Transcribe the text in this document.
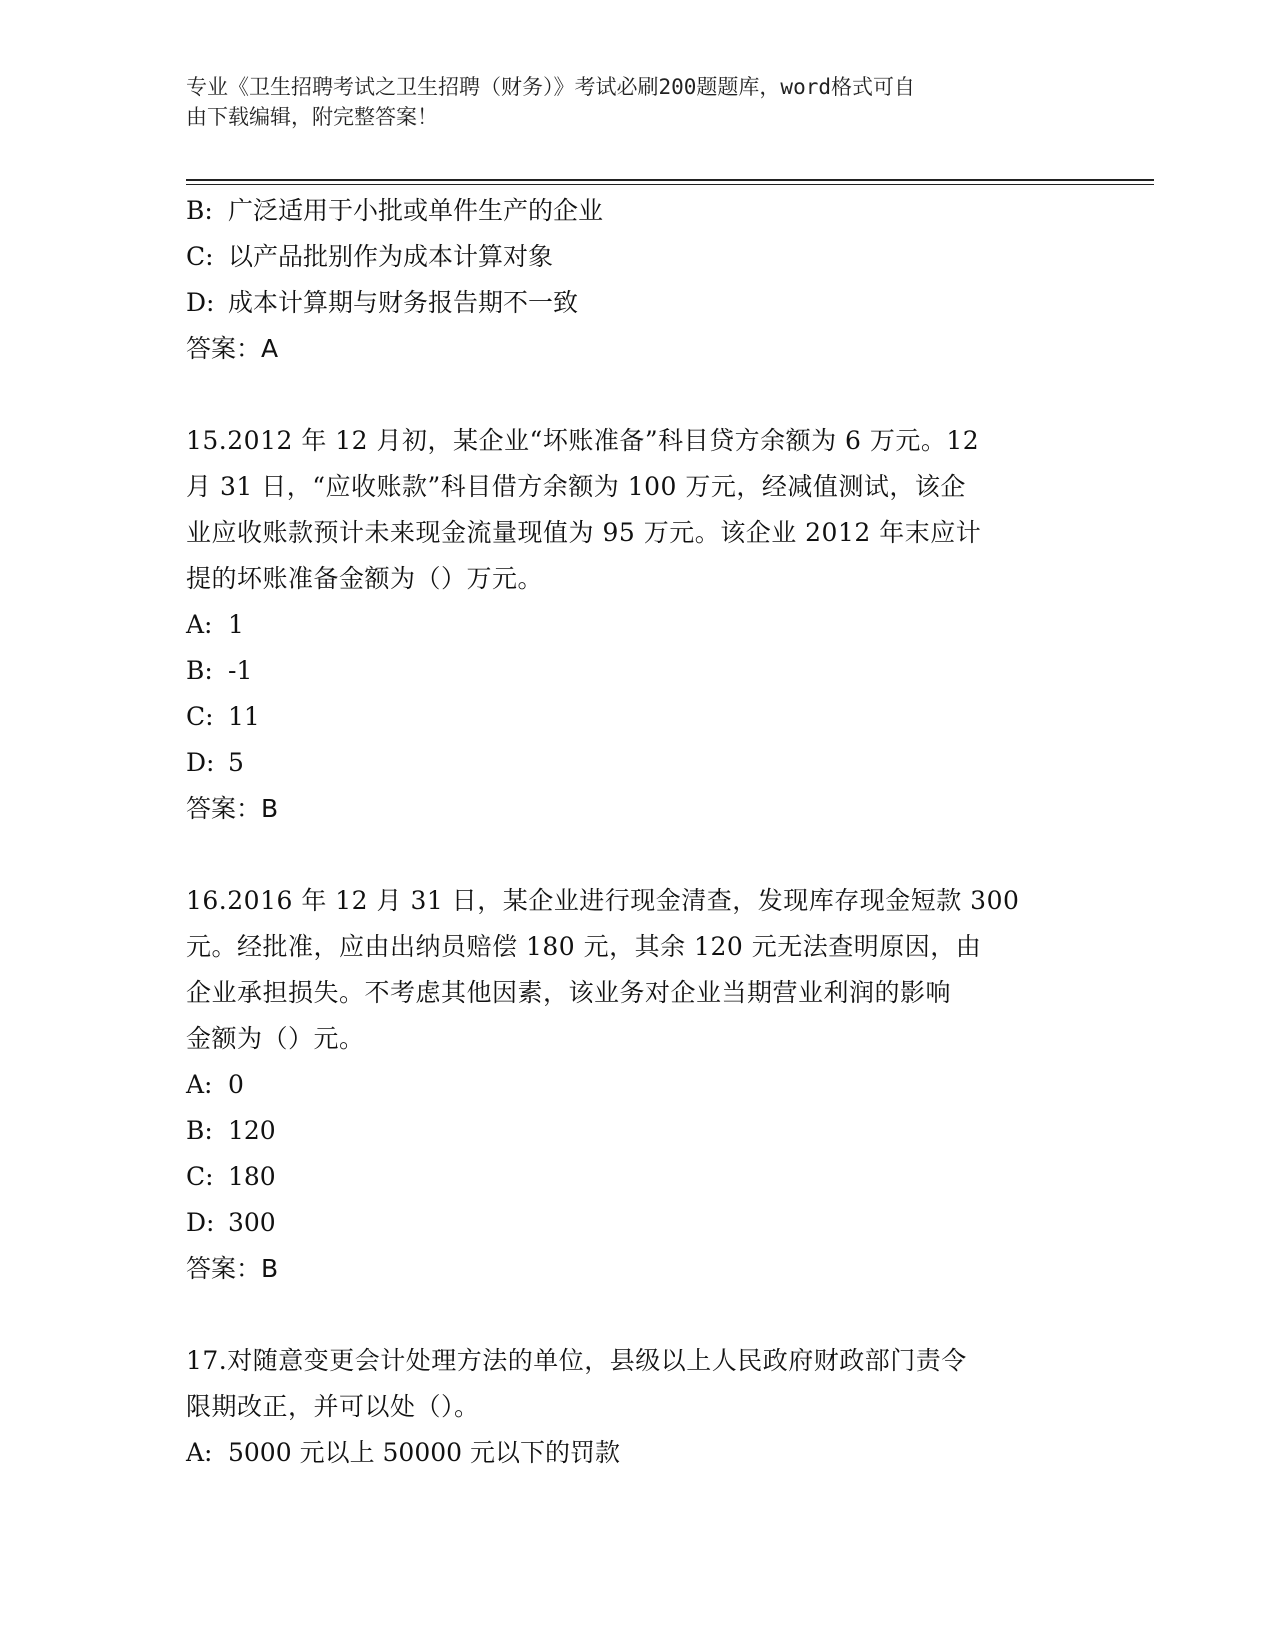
专业《卫生招聘考试之卫生招聘（财务）》考试必刷200题题库，word格式可自
由下载编辑，附完整答案！
B: 广泛适用于小批或单件生产的企业
C: 以产品批别作为成本计算对象
D: 成本计算期与财务报告期不一致
答案：A
15.2012 年 12 月初，某企业“坏账准备”科目贷方余额为 6 万元。12
月 31 日，“应收账款”科目借方余额为 100 万元，经减值测试，该企
业应收账款预计未来现金流量现值为 95 万元。该企业 2012 年末应计
提的坏账准备金额为（）万元。
A: 1
B: -1
C: 11
D: 5
答案：B
16.2016 年 12 月 31 日，某企业进行现金清查，发现库存现金短款 300
元。经批准，应由出纳员赔偿 180 元，其余 120 元无法查明原因，由
企业承担损失。不考虑其他因素，该业务对企业当期营业利润的影响
金额为（）元。
A: 0
B: 120
C: 180
D: 300
答案：B
17.对随意变更会计处理方法的单位，县级以上人民政府财政部门责令
限期改正，并可以处（）。
A: 5000 元以上 50000 元以下的罚款
